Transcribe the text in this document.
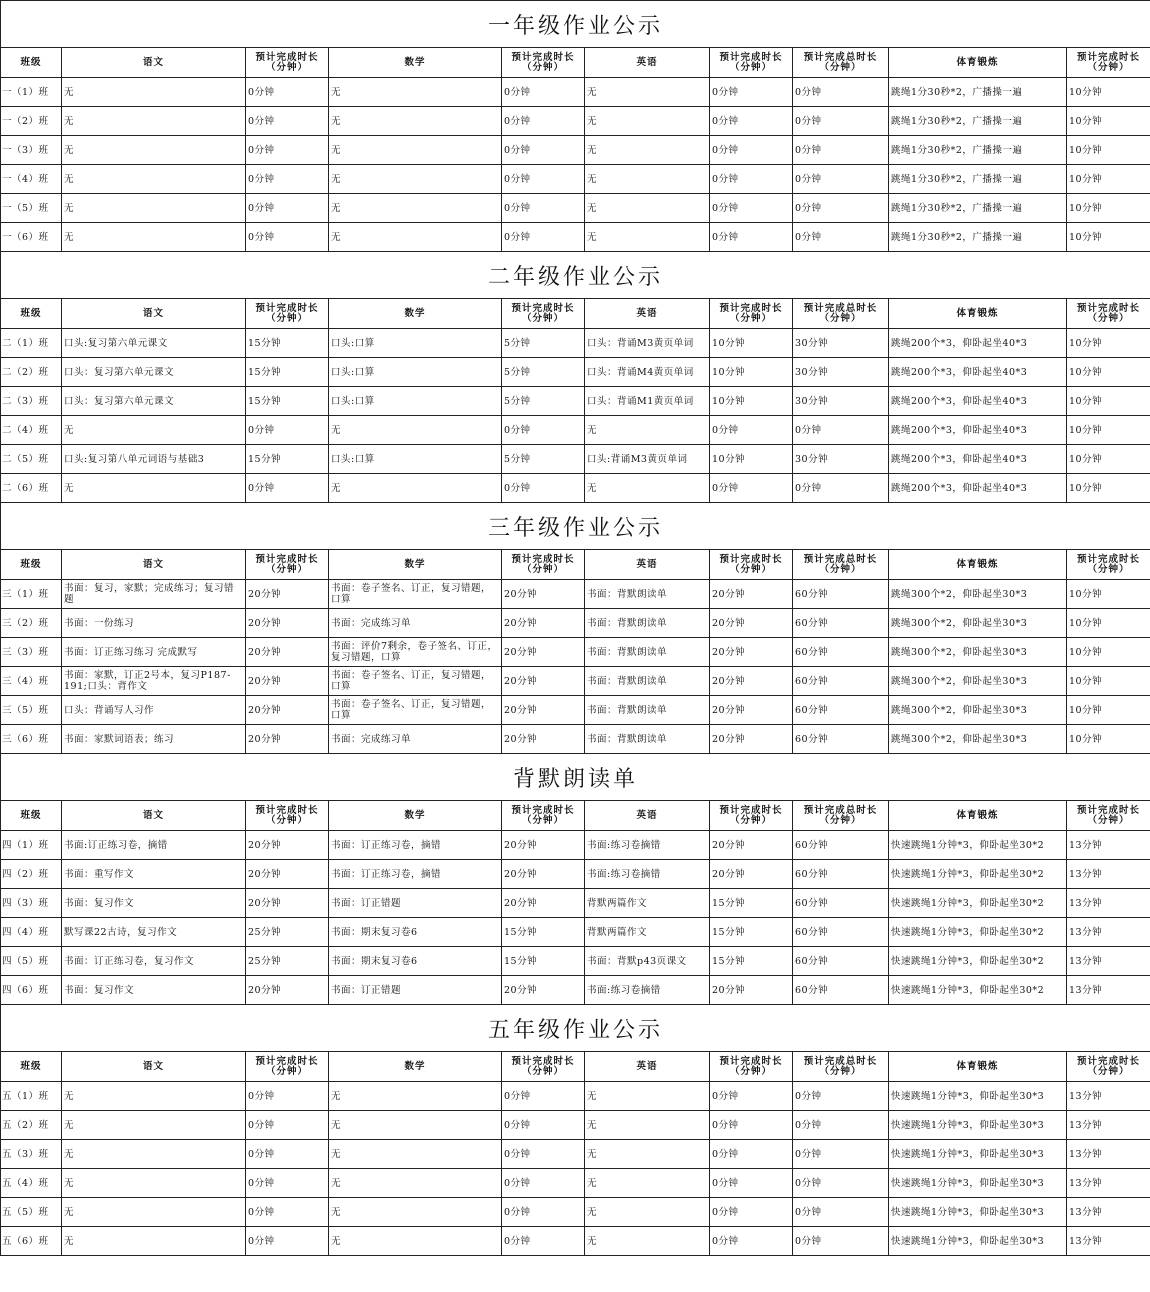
一年级作业公示									
班级	语文	预计完成时长（分钟）	数学	预计完成时长（分钟）	英语	预计完成时长（分钟）	预计完成总时长（分钟）	体育锻炼	预计完成时长（分钟）
一（1）班	无	0分钟	无	0分钟	无	0分钟	0分钟	跳绳1分30秒*2，广播操一遍	10分钟
一（2）班	无	0分钟	无	0分钟	无	0分钟	0分钟	跳绳1分30秒*2，广播操一遍	10分钟
一（3）班	无	0分钟	无	0分钟	无	0分钟	0分钟	跳绳1分30秒*2，广播操一遍	10分钟
一（4）班	无	0分钟	无	0分钟	无	0分钟	0分钟	跳绳1分30秒*2，广播操一遍	10分钟
一（5）班	无	0分钟	无	0分钟	无	0分钟	0分钟	跳绳1分30秒*2，广播操一遍	10分钟
一（6）班	无	0分钟	无	0分钟	无	0分钟	0分钟	跳绳1分30秒*2，广播操一遍	10分钟
二年级作业公示									
班级	语文	预计完成时长（分钟）	数学	预计完成时长（分钟）	英语	预计完成时长（分钟）	预计完成总时长（分钟）	体育锻炼	预计完成时长（分钟）
二（1）班	口头:复习第六单元课文	15分钟	口头:口算	5分钟	口头：背诵M3黄页单词	10分钟	30分钟	跳绳200个*3，仰卧起坐40*3	10分钟
二（2）班	口头：复习第六单元课文	15分钟	口头:口算	5分钟	口头：背诵M4黄页单词	10分钟	30分钟	跳绳200个*3，仰卧起坐40*3	10分钟
二（3）班	口头：复习第六单元课文	15分钟	口头:口算	5分钟	口头：背诵M1黄页单词	10分钟	30分钟	跳绳200个*3，仰卧起坐40*3	10分钟
二（4）班	无	0分钟	无	0分钟	无	0分钟	0分钟	跳绳200个*3，仰卧起坐40*3	10分钟
二（5）班	口头:复习第八单元词语与基础3	15分钟	口头:口算	5分钟	口头:背诵M3黄页单词	10分钟	30分钟	跳绳200个*3，仰卧起坐40*3	10分钟
二（6）班	无	0分钟	无	0分钟	无	0分钟	0分钟	跳绳200个*3，仰卧起坐40*3	10分钟
三年级作业公示									
班级	语文	预计完成时长（分钟）	数学	预计完成时长（分钟）	英语	预计完成时长（分钟）	预计完成总时长（分钟）	体育锻炼	预计完成时长（分钟）
三（1）班	书面：复习，家默；完成练习；复习错题	20分钟	书面：卷子签名、订正，复习错题，口算	20分钟	书面：背默朗读单	20分钟	60分钟	跳绳300个*2，仰卧起坐30*3	10分钟
三（2）班	书面：一份练习	20分钟	书面：完成练习单	20分钟	书面：背默朗读单	20分钟	60分钟	跳绳300个*2，仰卧起坐30*3	10分钟
三（3）班	书面：订正练习练习 完成默写	20分钟	书面：评价7剩余，卷子签名、订正，复习错题，口算	20分钟	书面：背默朗读单	20分钟	60分钟	跳绳300个*2，仰卧起坐30*3	10分钟
三（4）班	书面：家默，订正2号本，复习P187-191;口头：背作文	20分钟	书面：卷子签名、订正，复习错题，口算	20分钟	书面：背默朗读单	20分钟	60分钟	跳绳300个*2，仰卧起坐30*3	10分钟
三（5）班	口头：背诵写人习作	20分钟	书面：卷子签名、订正，复习错题，口算	20分钟	书面：背默朗读单	20分钟	60分钟	跳绳300个*2，仰卧起坐30*3	10分钟
三（6）班	书面：家默词语表；练习	20分钟	书面：完成练习单	20分钟	书面：背默朗读单	20分钟	60分钟	跳绳300个*2，仰卧起坐30*3	10分钟
背默朗读单									
班级	语文	预计完成时长（分钟）	数学	预计完成时长（分钟）	英语	预计完成时长（分钟）	预计完成总时长（分钟）	体育锻炼	预计完成时长（分钟）
四（1）班	书面:订正练习卷，摘错	20分钟	书面：订正练习卷，摘错	20分钟	书面:练习卷摘错	20分钟	60分钟	快速跳绳1分钟*3，仰卧起坐30*2	13分钟
四（2）班	书面：重写作文	20分钟	书面：订正练习卷，摘错	20分钟	书面:练习卷摘错	20分钟	60分钟	快速跳绳1分钟*3，仰卧起坐30*2	13分钟
四（3）班	书面：复习作文	20分钟	书面：订正错题	20分钟	背默两篇作文	15分钟	60分钟	快速跳绳1分钟*3，仰卧起坐30*2	13分钟
四（4）班	默写课22古诗，复习作文	25分钟	书面：期末复习卷6	15分钟	背默两篇作文	15分钟	60分钟	快速跳绳1分钟*3，仰卧起坐30*2	13分钟
四（5）班	书面：订正练习卷，复习作文	25分钟	书面：期末复习卷6	15分钟	书面：背默p43页课文	15分钟	60分钟	快速跳绳1分钟*3，仰卧起坐30*2	13分钟
四（6）班	书面：复习作文	20分钟	书面：订正错题	20分钟	书面:练习卷摘错	20分钟	60分钟	快速跳绳1分钟*3，仰卧起坐30*2	13分钟
五年级作业公示									
班级	语文	预计完成时长（分钟）	数学	预计完成时长（分钟）	英语	预计完成时长（分钟）	预计完成总时长（分钟）	体育锻炼	预计完成时长（分钟）
五（1）班	无	0分钟	无	0分钟	无	0分钟	0分钟	快速跳绳1分钟*3，仰卧起坐30*3	13分钟
五（2）班	无	0分钟	无	0分钟	无	0分钟	0分钟	快速跳绳1分钟*3，仰卧起坐30*3	13分钟
五（3）班	无	0分钟	无	0分钟	无	0分钟	0分钟	快速跳绳1分钟*3，仰卧起坐30*3	13分钟
五（4）班	无	0分钟	无	0分钟	无	0分钟	0分钟	快速跳绳1分钟*3，仰卧起坐30*3	13分钟
五（5）班	无	0分钟	无	0分钟	无	0分钟	0分钟	快速跳绳1分钟*3，仰卧起坐30*3	13分钟
五（6）班	无	0分钟	无	0分钟	无	0分钟	0分钟	快速跳绳1分钟*3，仰卧起坐30*3	13分钟
